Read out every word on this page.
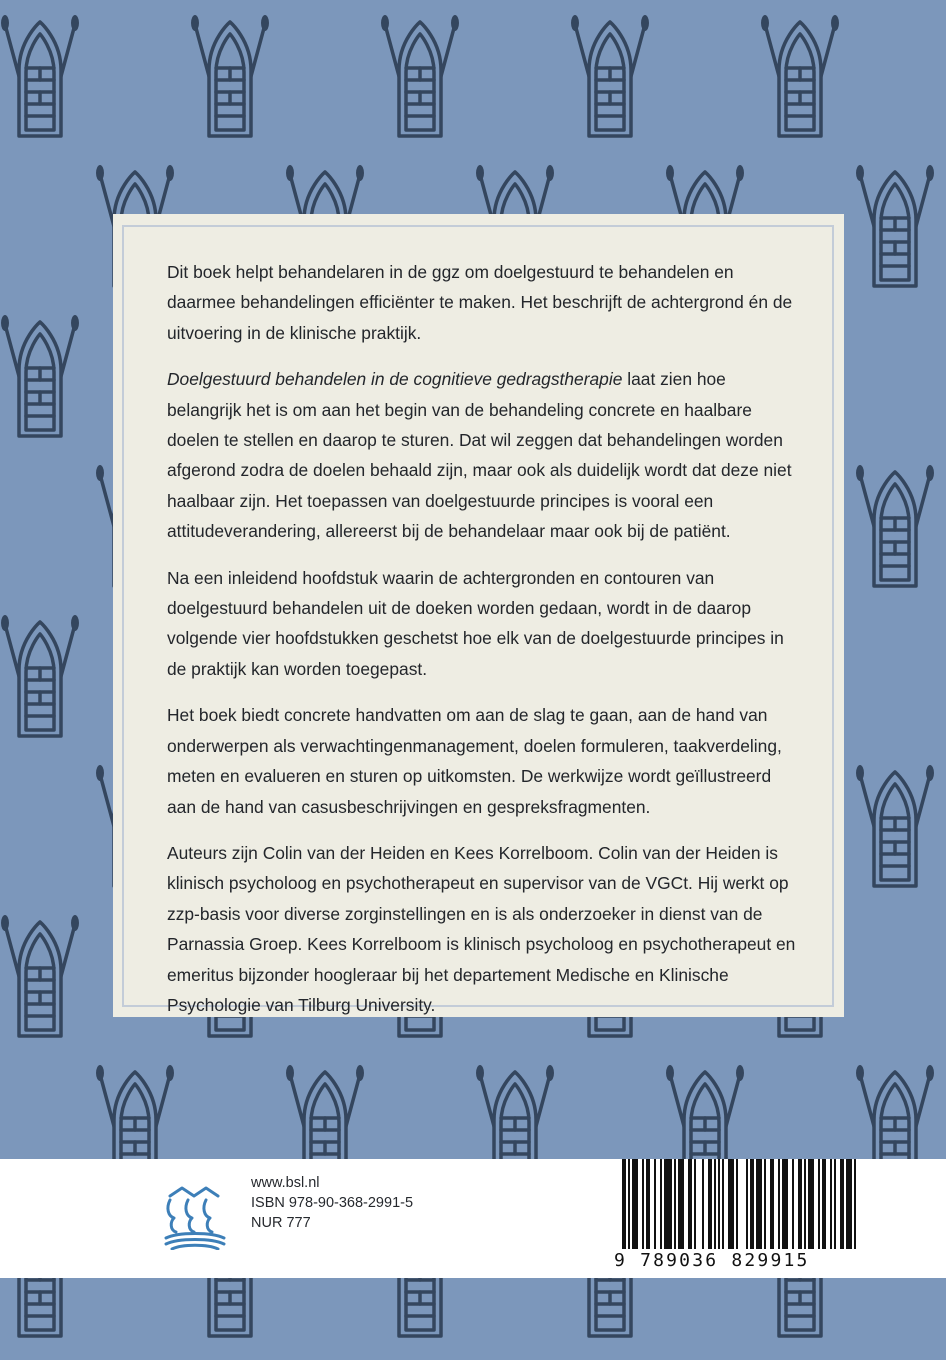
Dit boek helpt behandelaren in de ggz om doelgestuurd te behandelen en daarmee behandelingen efficiënter te maken. Het beschrijft de achtergrond én de uitvoering in de klinische praktijk.

Doelgestuurd behandelen in de cognitieve gedragstherapie laat zien hoe belangrijk het is om aan het begin van de behandeling concrete en haalbare doelen te stellen en daarop te sturen. Dat wil zeggen dat behandelingen worden afgerond zodra de doelen behaald zijn, maar ook als duidelijk wordt dat deze niet haalbaar zijn. Het toepassen van doelgestuurde principes is vooral een attitudeverandering, allereerst bij de behandelaar maar ook bij de patiënt.

Na een inleidend hoofdstuk waarin de achtergronden en contouren van doelgestuurd behandelen uit de doeken worden gedaan, wordt in de daarop volgende vier hoofdstukken geschetst hoe elk van de doelgestuurde principes in de praktijk kan worden toegepast.

Het boek biedt concrete handvatten om aan de slag te gaan, aan de hand van onderwerpen als verwachtingenmanagement, doelen formuleren, taakverdeling, meten en evalueren en sturen op uitkomsten. De werkwijze wordt geïllustreerd aan de hand van casusbeschrijvingen en gespreksfragmenten.

Auteurs zijn Colin van der Heiden en Kees Korrelboom. Colin van der Heiden is klinisch psycholoog en psychotherapeut en supervisor van de VGCt. Hij werkt op zzp-basis voor diverse zorginstellingen en is als onderzoeker in dienst van de Parnassia Groep. Kees Korrelboom is klinisch psycholoog en psychotherapeut en emeritus bijzonder hoogleraar bij het departement Medische en Klinische Psychologie van Tilburg University.

www.bsl.nl
ISBN 978-90-368-2991-5
NUR 777
9 789036 829915
